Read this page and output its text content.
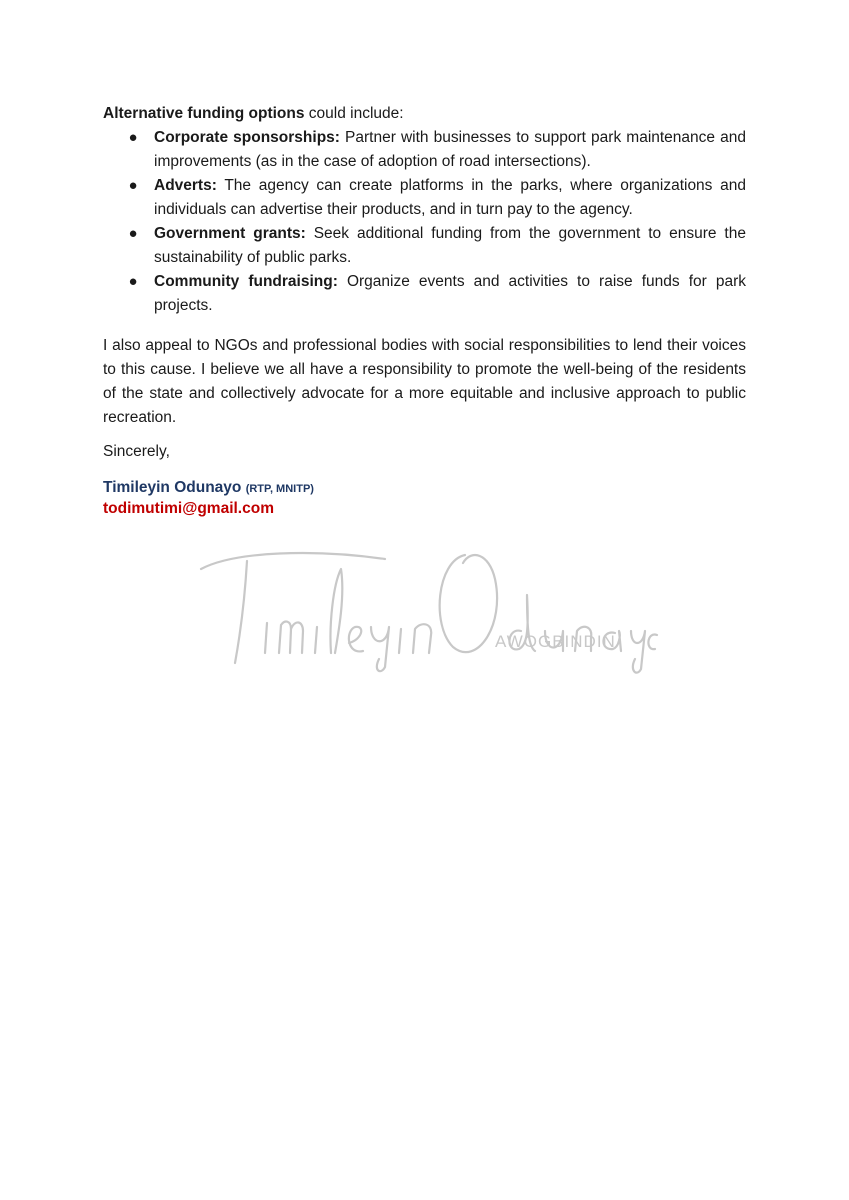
Alternative funding options could include:

● Corporate sponsorships: Partner with businesses to support park maintenance and improvements (as in the case of adoption of road intersections).
● Adverts: The agency can create platforms in the parks, where organizations and individuals can advertise their products, and in turn pay to the agency.
● Government grants: Seek additional funding from the government to ensure the sustainability of public parks.
● Community fundraising: Organize events and activities to raise funds for park projects.

I also appeal to NGOs and professional bodies with social responsibilities to lend their voices to this cause. I believe we all have a responsibility to promote the well-being of the residents of the state and collectively advocate for a more equitable and inclusive approach to public recreation.

Sincerely,

Timileyin Odunayo (RTP, MNITP)
todimutimi@gmail.com
AWOGBINDIN
